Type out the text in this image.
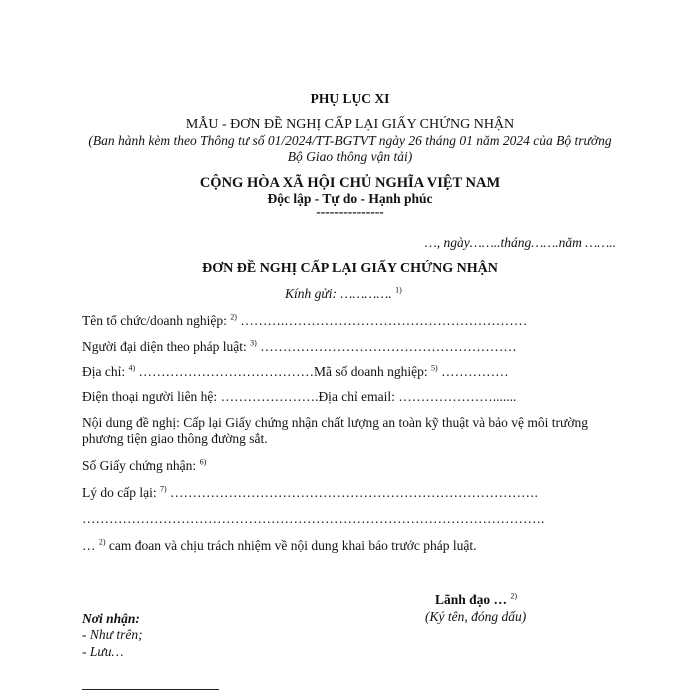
PHỤ LỤC XI
MẪU - ĐƠN ĐỀ NGHỊ CẤP LẠI GIẤY CHỨNG NHẬN
(Ban hành kèm theo Thông tư số 01/2024/TT-BGTVT ngày 26 tháng 01 năm 2024 của Bộ trưởng
Bộ Giao thông vận tải)
CỘNG HÒA XÃ HỘI CHỦ NGHĨA VIỆT NAM
Độc lập - Tự do - Hạnh phúc
---------------
…, ngày……..tháng…….năm ……..
ĐƠN ĐỀ NGHỊ CẤP LẠI GIẤY CHỨNG NHẬN
Kính gửi: …………. $^{1)}$
Tên tổ chức/doanh nghiệp: $^{2)}$ ……….………………………………………………
Người đại diện theo pháp luật: $^{3)}$ …………………………………………………
Địa chỉ: $^{4)}$ …………………………………Mã số doanh nghiệp: $^{5)}$ ……………
Điện thoại người liên hệ: ………………….Địa chỉ email: ………………….......
Nội dung đề nghị: Cấp lại Giấy chứng nhận chất lượng an toàn kỹ thuật và bảo vệ môi trường
phương tiện giao thông đường sắt.
Số Giấy chứng nhận: $^{6)}$
Lý do cấp lại: $^{7)}$ ……………………………………………………………………….
………………………………………………………………………………………….
… $^{2)}$ cam đoan và chịu trách nhiệm về nội dung khai báo trước pháp luật.
Lãnh đạo … $^{2)}$
(Ký tên, đóng dấu)
Nơi nhận:
- Như trên;
- Lưu…
